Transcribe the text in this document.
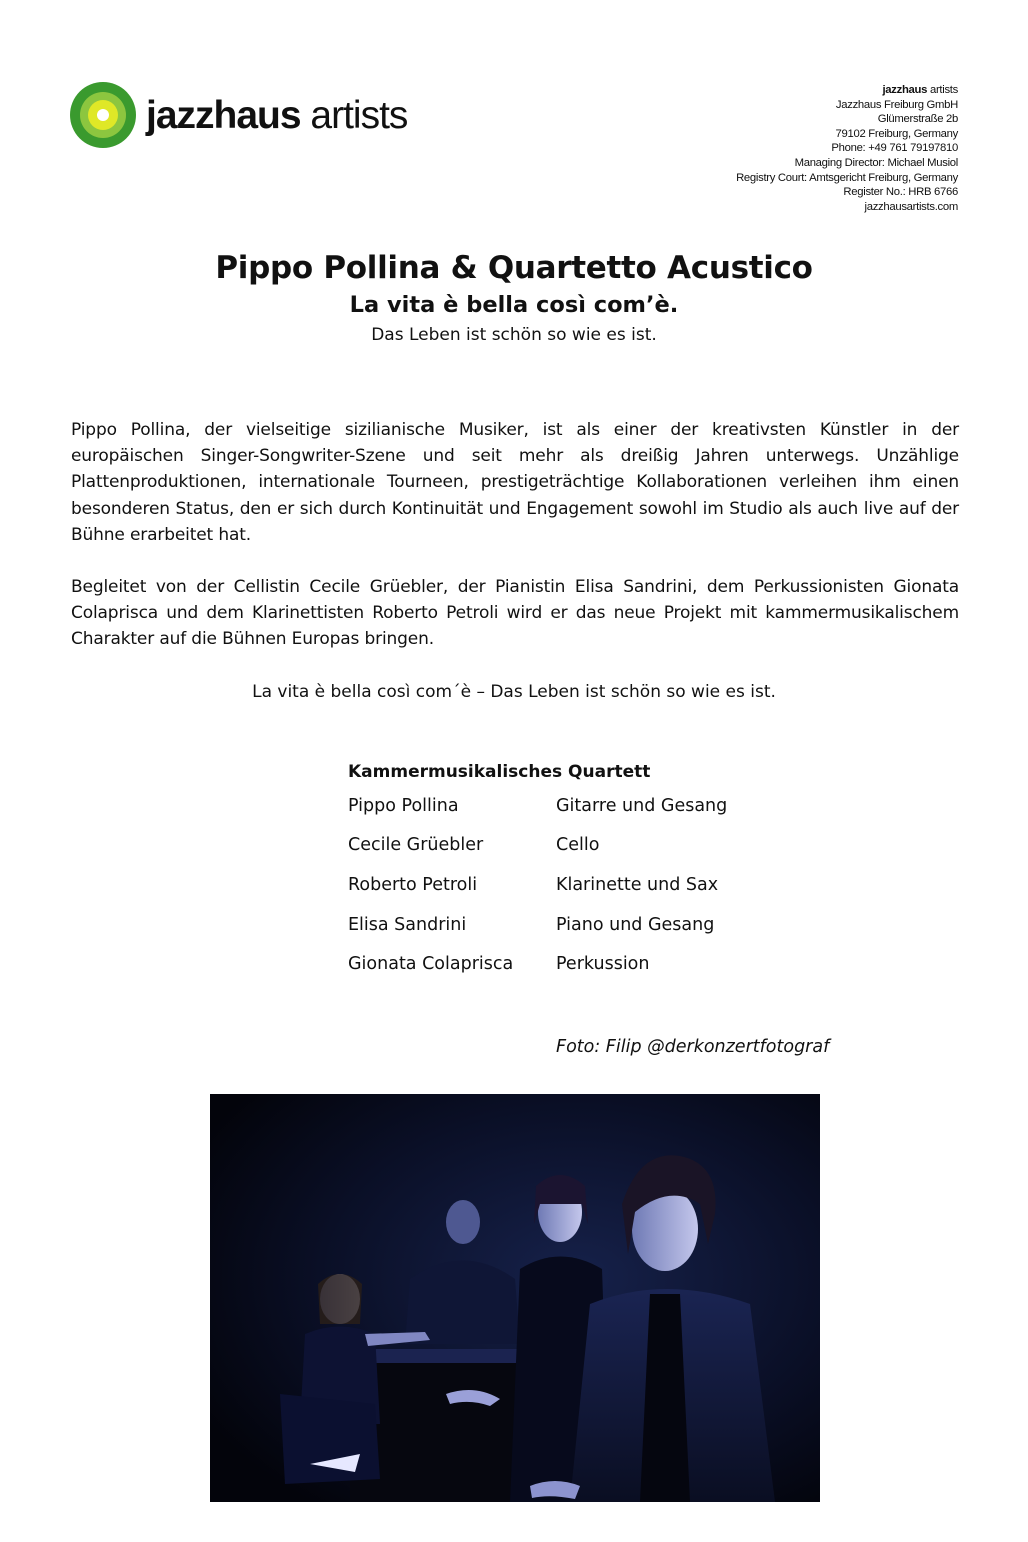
jazzhaus artists
jazzhaus artists
Jazzhaus Freiburg GmbH
Glümerstraße 2b
79102 Freiburg, Germany
Phone: +49 761 79197810
Managing Director: Michael Musiol
Registry Court: Amtsgericht Freiburg, Germany
Register No.: HRB 6766
jazzhausartists.com
Pippo Pollina & Quartetto Acustico
La vita è bella così com’è.
Das Leben ist schön so wie es ist.

Pippo Pollina, der vielseitige sizilianische Musiker, ist als einer der kreativsten Künstler in der europäischen Singer-Songwriter-Szene und seit mehr als dreißig Jahren unterwegs. Unzählige Plattenproduktionen, internationale Tourneen, prestigeträchtige Kollaborationen verleihen ihm einen besonderen Status, den er sich durch Kontinuität und Engagement sowohl im Studio als auch live auf der Bühne erarbeitet hat.

Begleitet von der Cellistin Cecile Grüebler, der Pianistin Elisa Sandrini, dem Perkussionisten Gionata Colaprisca und dem Klarinettisten Roberto Petroli wird er das neue Projekt mit kammermusikalischem Charakter auf die Bühnen Europas bringen.

La vita è bella così com´è – Das Leben ist schön so wie es ist.

Kammermusikalisches Quartett
Pippo Pollina	Gitarre und Gesang
Cecile Grüebler	Cello
Roberto Petroli	Klarinette und Sax
Elisa Sandrini	Piano und Gesang
Gionata Colaprisca	Perkussion
Foto: Filip @derkonzertfotograf
